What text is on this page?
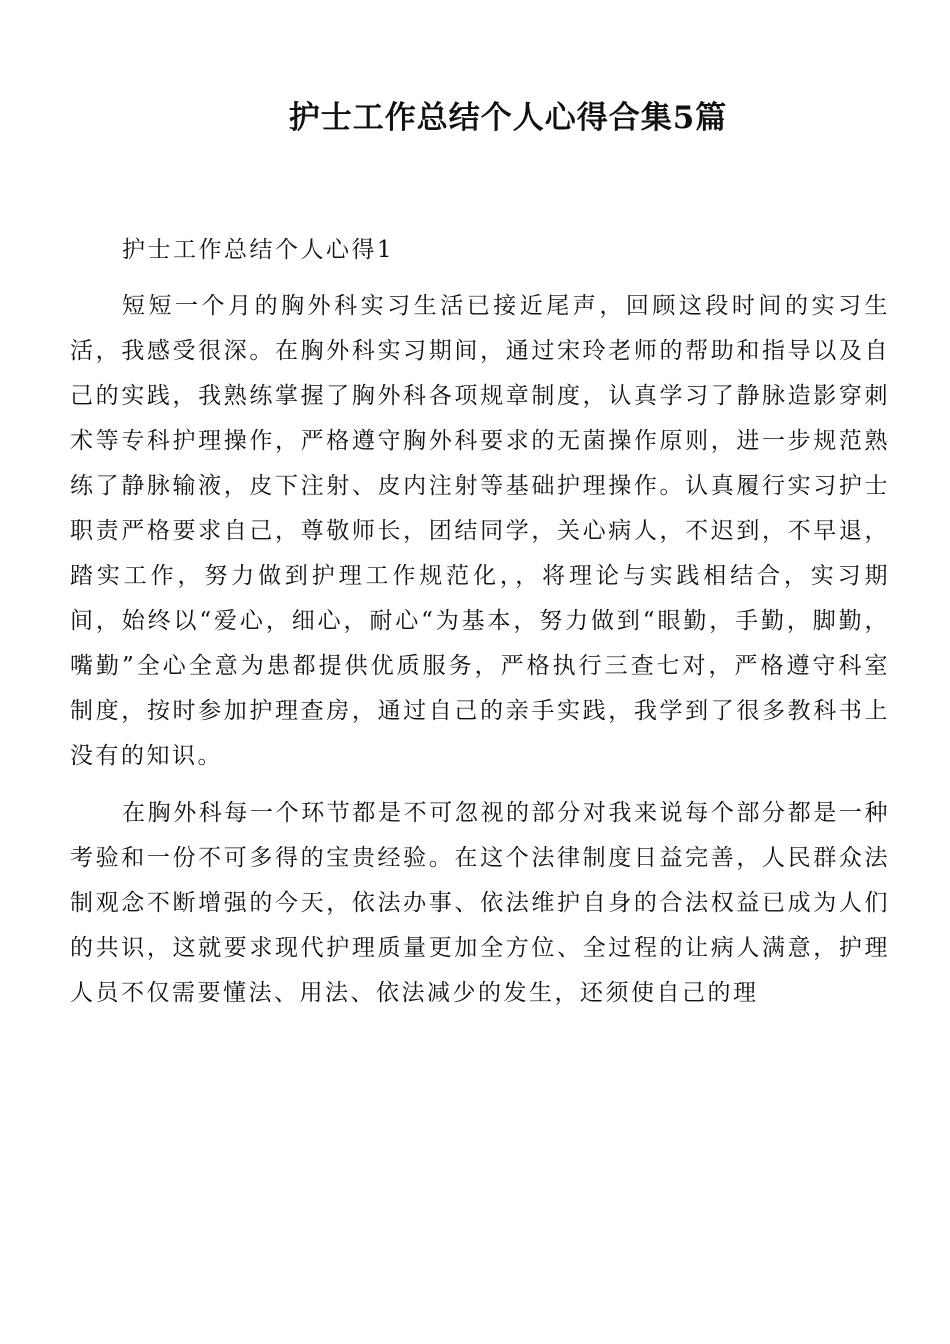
护士工作总结个人心得合集5篇
护士工作总结个人心得1

短短一个月的胸外科实习生活已接近尾声，回顾这段时间的实习生活，我感受很深。在胸外科实习期间，通过宋玲老师的帮助和指导以及自己的实践，我熟练掌握了胸外科各项规章制度，认真学习了静脉造影穿刺术等专科护理操作，严格遵守胸外科要求的无菌操作原则，进一步规范熟练了静脉输液，皮下注射、皮内注射等基础护理操作。认真履行实习护士职责严格要求自己，尊敬师长，团结同学，关心病人，不迟到，不早退，踏实工作，努力做到护理工作规范化，，将理论与实践相结合，实习期间，始终以“爱心，细心，耐心“为基本，努力做到“眼勤，手勤，脚勤，嘴勤”全心全意为患都提供优质服务，严格执行三查七对，严格遵守科室制度，按时参加护理查房，通过自己的亲手实践，我学到了很多教科书上没有的知识。

在胸外科每一个环节都是不可忽视的部分对我来说每个部分都是一种考验和一份不可多得的宝贵经验。在这个法律制度日益完善，人民群众法制观念不断增强的今天，依法办事、依法维护自身的合法权益已成为人们的共识，这就要求现代护理质量更加全方位、全过程的让病人满意，护理人员不仅需要懂法、用法、依法减少的发生，还须使自己的理
